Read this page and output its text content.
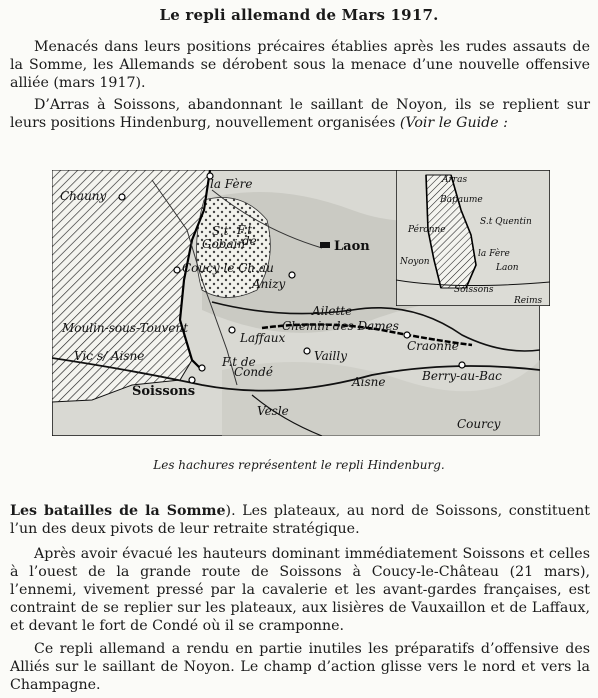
Le repli allemand de Mars 1917.
Menacés dans leurs positions précaires établies après les rudes assauts de la Somme, les Allemands se dérobent sous la menace d’une nouvelle offensive alliée (mars 1917).
D’Arras à Soissons, abandonnant le saillant de Noyon, ils se replient sur leurs positions Hindenburg, nouvellement organisées (Voir le Guide :
Chauny
la Fère
S.t
Gobain
F.t
de
Coucy le Ch.au
Laon
Anizy
Ailette
Chemin des Dames
Moulin-sous-Touvent
Vic s/ Aisne
Laffaux
Craonne
Vailly
F.t de
Condé
Aisne	Berry-au-Bac
Soissons
Vesle
Courcy
Arras
Bapaume
S.t Quentin
Péronne
Noyon
la Fère
Laon
Soissons
Reims
Les hachures représentent le repli Hindenburg.
Les batailles de la Somme). Les plateaux, au nord de Soissons, constituent l’un des deux pivots de leur retraite stratégique.
Après avoir évacué les hauteurs dominant immédiatement Soissons et celles à l’ouest de la grande route de Soissons à Coucy-le-Château (21 mars), l’ennemi, vivement pressé par la cavalerie et les avant-gardes françaises, est contraint de se replier sur les plateaux, aux lisières de Vauxaillon et de Laffaux, et devant le fort de Condé où il se cramponne.
Ce repli allemand a rendu en partie inutiles les préparatifs d’offensive des Alliés sur le saillant de Noyon. Le champ d’action glisse vers le nord et vers la Champagne.
